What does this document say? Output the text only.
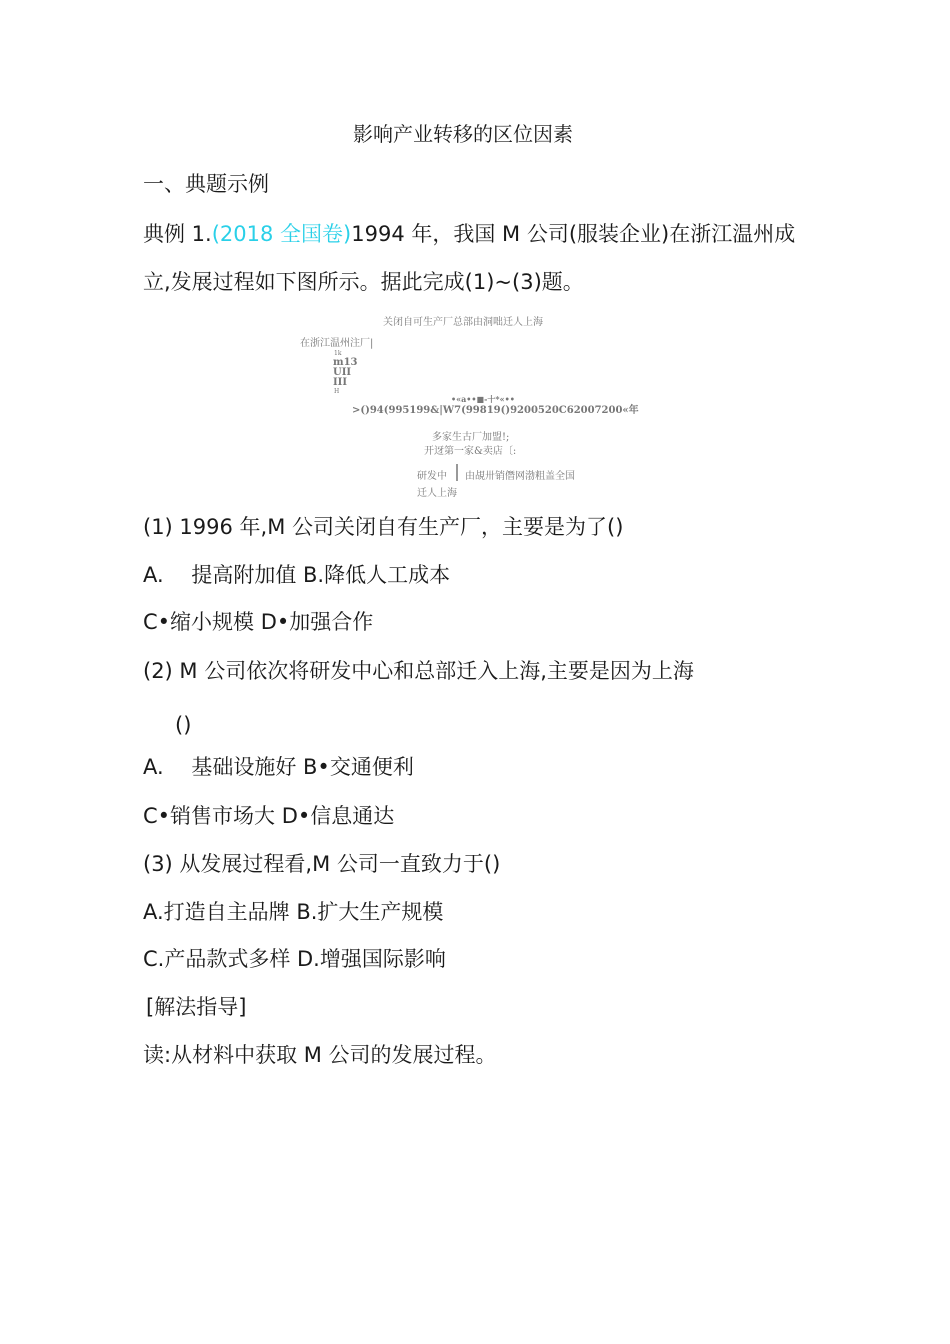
影响产业转移的区位因素
一、典题示例
典例 1.(2018 全国卷)1994 年，我国 M 公司(服装企业)在浙江温州成
立,发展过程如下图所示。据此完成(1)~(3)题。
关闭自可生产厂总部由洞咄迁人上海
在浙江温州注厂|
1k
m13
UII
III
H
•«a••■-十*«••
>()94(995199&|W7(99819()9200520C62007200«年
多家生古厂加盟!;
开迓第一家&卖店〔:
研发中 由覘卅销僭网渤粗盖全国
迁人上海
(1) 1996 年,M 公司关闭自有生产厂，主要是为了()
A.　 提高附加值 B.降低人工成本
C•缩小规模 D•加强合作
(2) M 公司依次将研发中心和总部迁入上海,主要是因为上海
()
A.　 基础设施好 B•交通便利
C•销售市场大 D•信息通达
(3) 从发展过程看,M 公司一直致力于()
A.打造自主品牌 B.扩大生产规模
C.产品款式多样 D.增强国际影响
[解法指导]
读:从材料中获取 M 公司的发展过程。
